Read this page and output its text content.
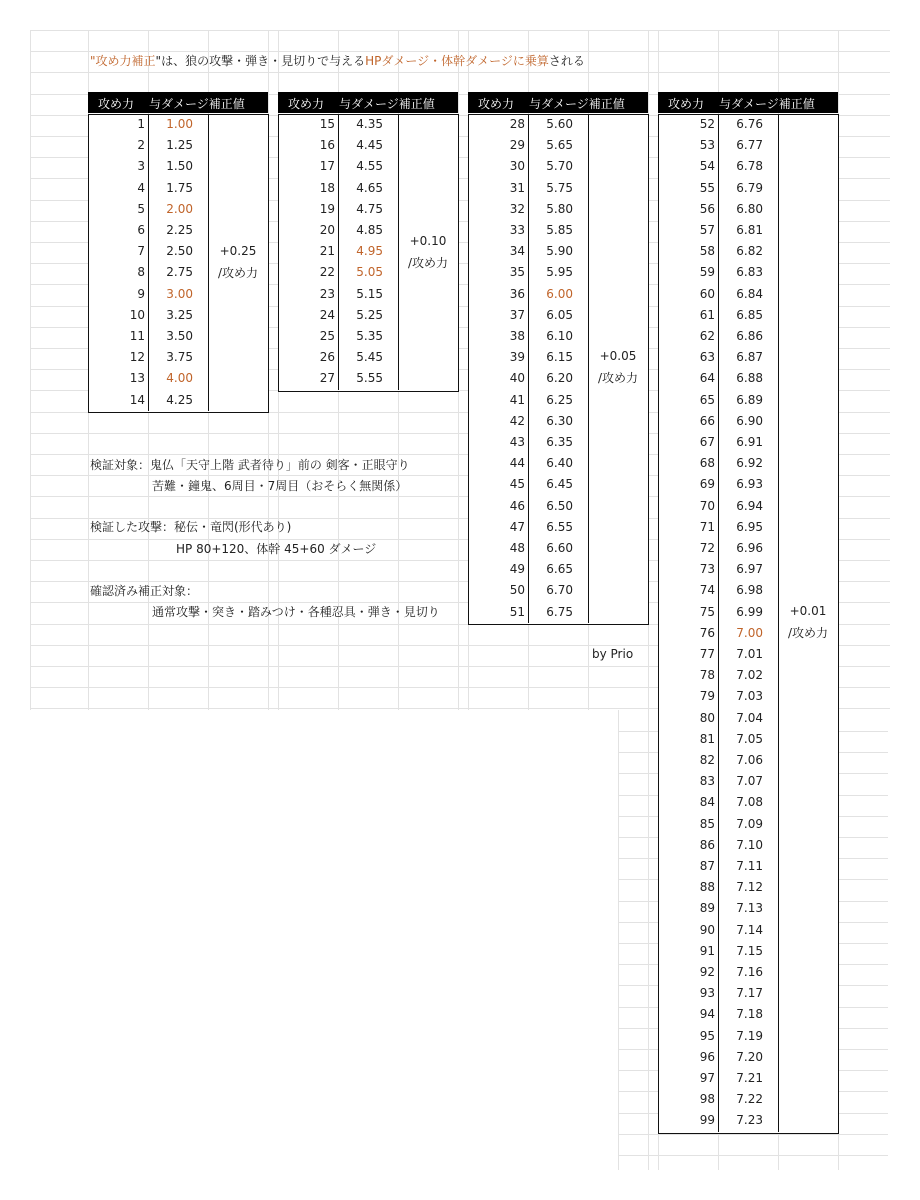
"攻め力補正"は、狼の攻撃・弾き・見切りで与えるHPダメージ・体幹ダメージに乗算される
攻め力 与ダメージ補正値
1	1.00
2	1.25
3	1.50
4	1.75
5	2.00
6	2.25
7	2.50
8	2.75
9	3.00
10	3.25
11	3.50
12	3.75
13	4.00
14	4.25
+0.25
/攻め力
攻め力 与ダメージ補正値
15	4.35
16	4.45
17	4.55
18	4.65
19	4.75
20	4.85
21	4.95
22	5.05
23	5.15
24	5.25
25	5.35
26	5.45
27	5.55
+0.10
/攻め力
攻め力 与ダメージ補正値
28	5.60
29	5.65
30	5.70
31	5.75
32	5.80
33	5.85
34	5.90
35	5.95
36	6.00
37	6.05
38	6.10
39	6.15
40	6.20
41	6.25
42	6.30
43	6.35
44	6.40
45	6.45
46	6.50
47	6.55
48	6.60
49	6.65
50	6.70
51	6.75
+0.05
/攻め力
攻め力 与ダメージ補正値
52	6.76
53	6.77
54	6.78
55	6.79
56	6.80
57	6.81
58	6.82
59	6.83
60	6.84
61	6.85
62	6.86
63	6.87
64	6.88
65	6.89
66	6.90
67	6.91
68	6.92
69	6.93
70	6.94
71	6.95
72	6.96
73	6.97
74	6.98
75	6.99
76	7.00
77	7.01
78	7.02
79	7.03
80	7.04
81	7.05
82	7.06
83	7.07
84	7.08
85	7.09
86	7.10
87	7.11
88	7.12
89	7.13
90	7.14
91	7.15
92	7.16
93	7.17
94	7.18
95	7.19
96	7.20
97	7.21
98	7.22
99	7.23
+0.01
/攻め力
検証対象：鬼仏「天守上階 武者待り」前の 剣客・正眼守り
苦難・鐘鬼、6周目・7周目（おそらく無関係）
検証した攻撃：秘伝・竜閃(形代あり)
HP 80+120、体幹 45+60 ダメージ
確認済み補正対象：
通常攻撃・突き・踏みつけ・各種忍具・弾き・見切り
by Prio
